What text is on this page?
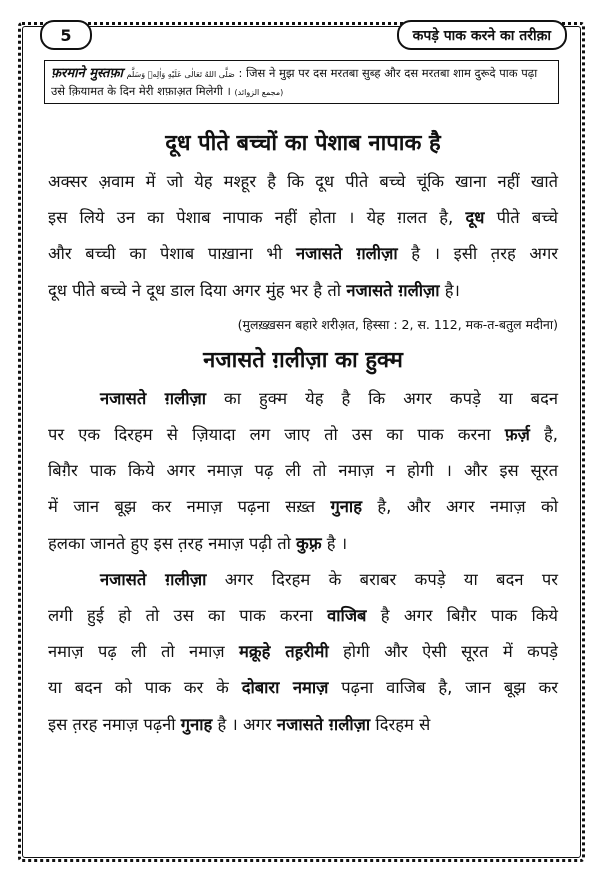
5	कपड़े पाक करने का तरीक़ा
फ़रमाने मुस्तफ़ा صَلَّى اللهُ تَعَالٰى عَلَيْهِ وَاٰلِهٖ وَسَلَّم : जिस ने मुझ पर दस मरतबा सुब्ह और दस मरतबा शाम दुरूदे पाक पढ़ा उसे क़ियामत के दिन मेरी शफ़ाअ़त मिलेगी । (مجمع الزوائد)
दूध पीते बच्चों का पेशाब नापाक है

अक्सर अ़वाम में जो येह मश्हूर है कि दूध पीते बच्चे चूंकि खाना नहीं खाते

इस लिये उन का पेशाब नापाक नहीं होता । येह ग़लत है, दूध पीते बच्चे

और बच्ची का पेशाब पाख़ाना भी नजासते ग़लीज़ा है । इसी त़रह अगर

दूध पीते बच्चे ने दूध डाल दिया अगर मुंह भर है तो नजासते ग़लीज़ा है।

(मुलख़्ख़सन बहारे शरीअ़त, हिस्सा : 2, स. 112, मक-त-बतुल मदीना)
नजासते ग़लीज़ा का हुक्म

नजासते ग़लीज़ा का हुक्म येह है कि अगर कपड़े या बदन

पर एक दिरहम से ज़ियादा लग जाए तो उस का पाक करना फ़र्ज़ है,

बिग़ैर पाक किये अगर नमाज़ पढ़ ली तो नमाज़ न होगी । और इस सूरत

में जान बूझ कर नमाज़ पढ़ना सख़्त गुनाह है, और अगर नमाज़ को

हलका जानते हुए इस त़रह नमाज़ पढ़ी तो कुफ़्र है ।

नजासते ग़लीज़ा अगर दिरहम के बराबर कपड़े या बदन पर

लगी हुई हो तो उस का पाक करना वाजिब है अगर बिग़ैर पाक किये

नमाज़ पढ़ ली तो नमाज़ मक्रूहे तह़रीमी होगी और ऐसी सूरत में कपड़े

या बदन को पाक कर के दोबारा नमाज़ पढ़ना वाजिब है, जान बूझ कर

इस त़रह नमाज़ पढ़नी गुनाह है । अगर नजासते ग़लीज़ा दिरहम से
